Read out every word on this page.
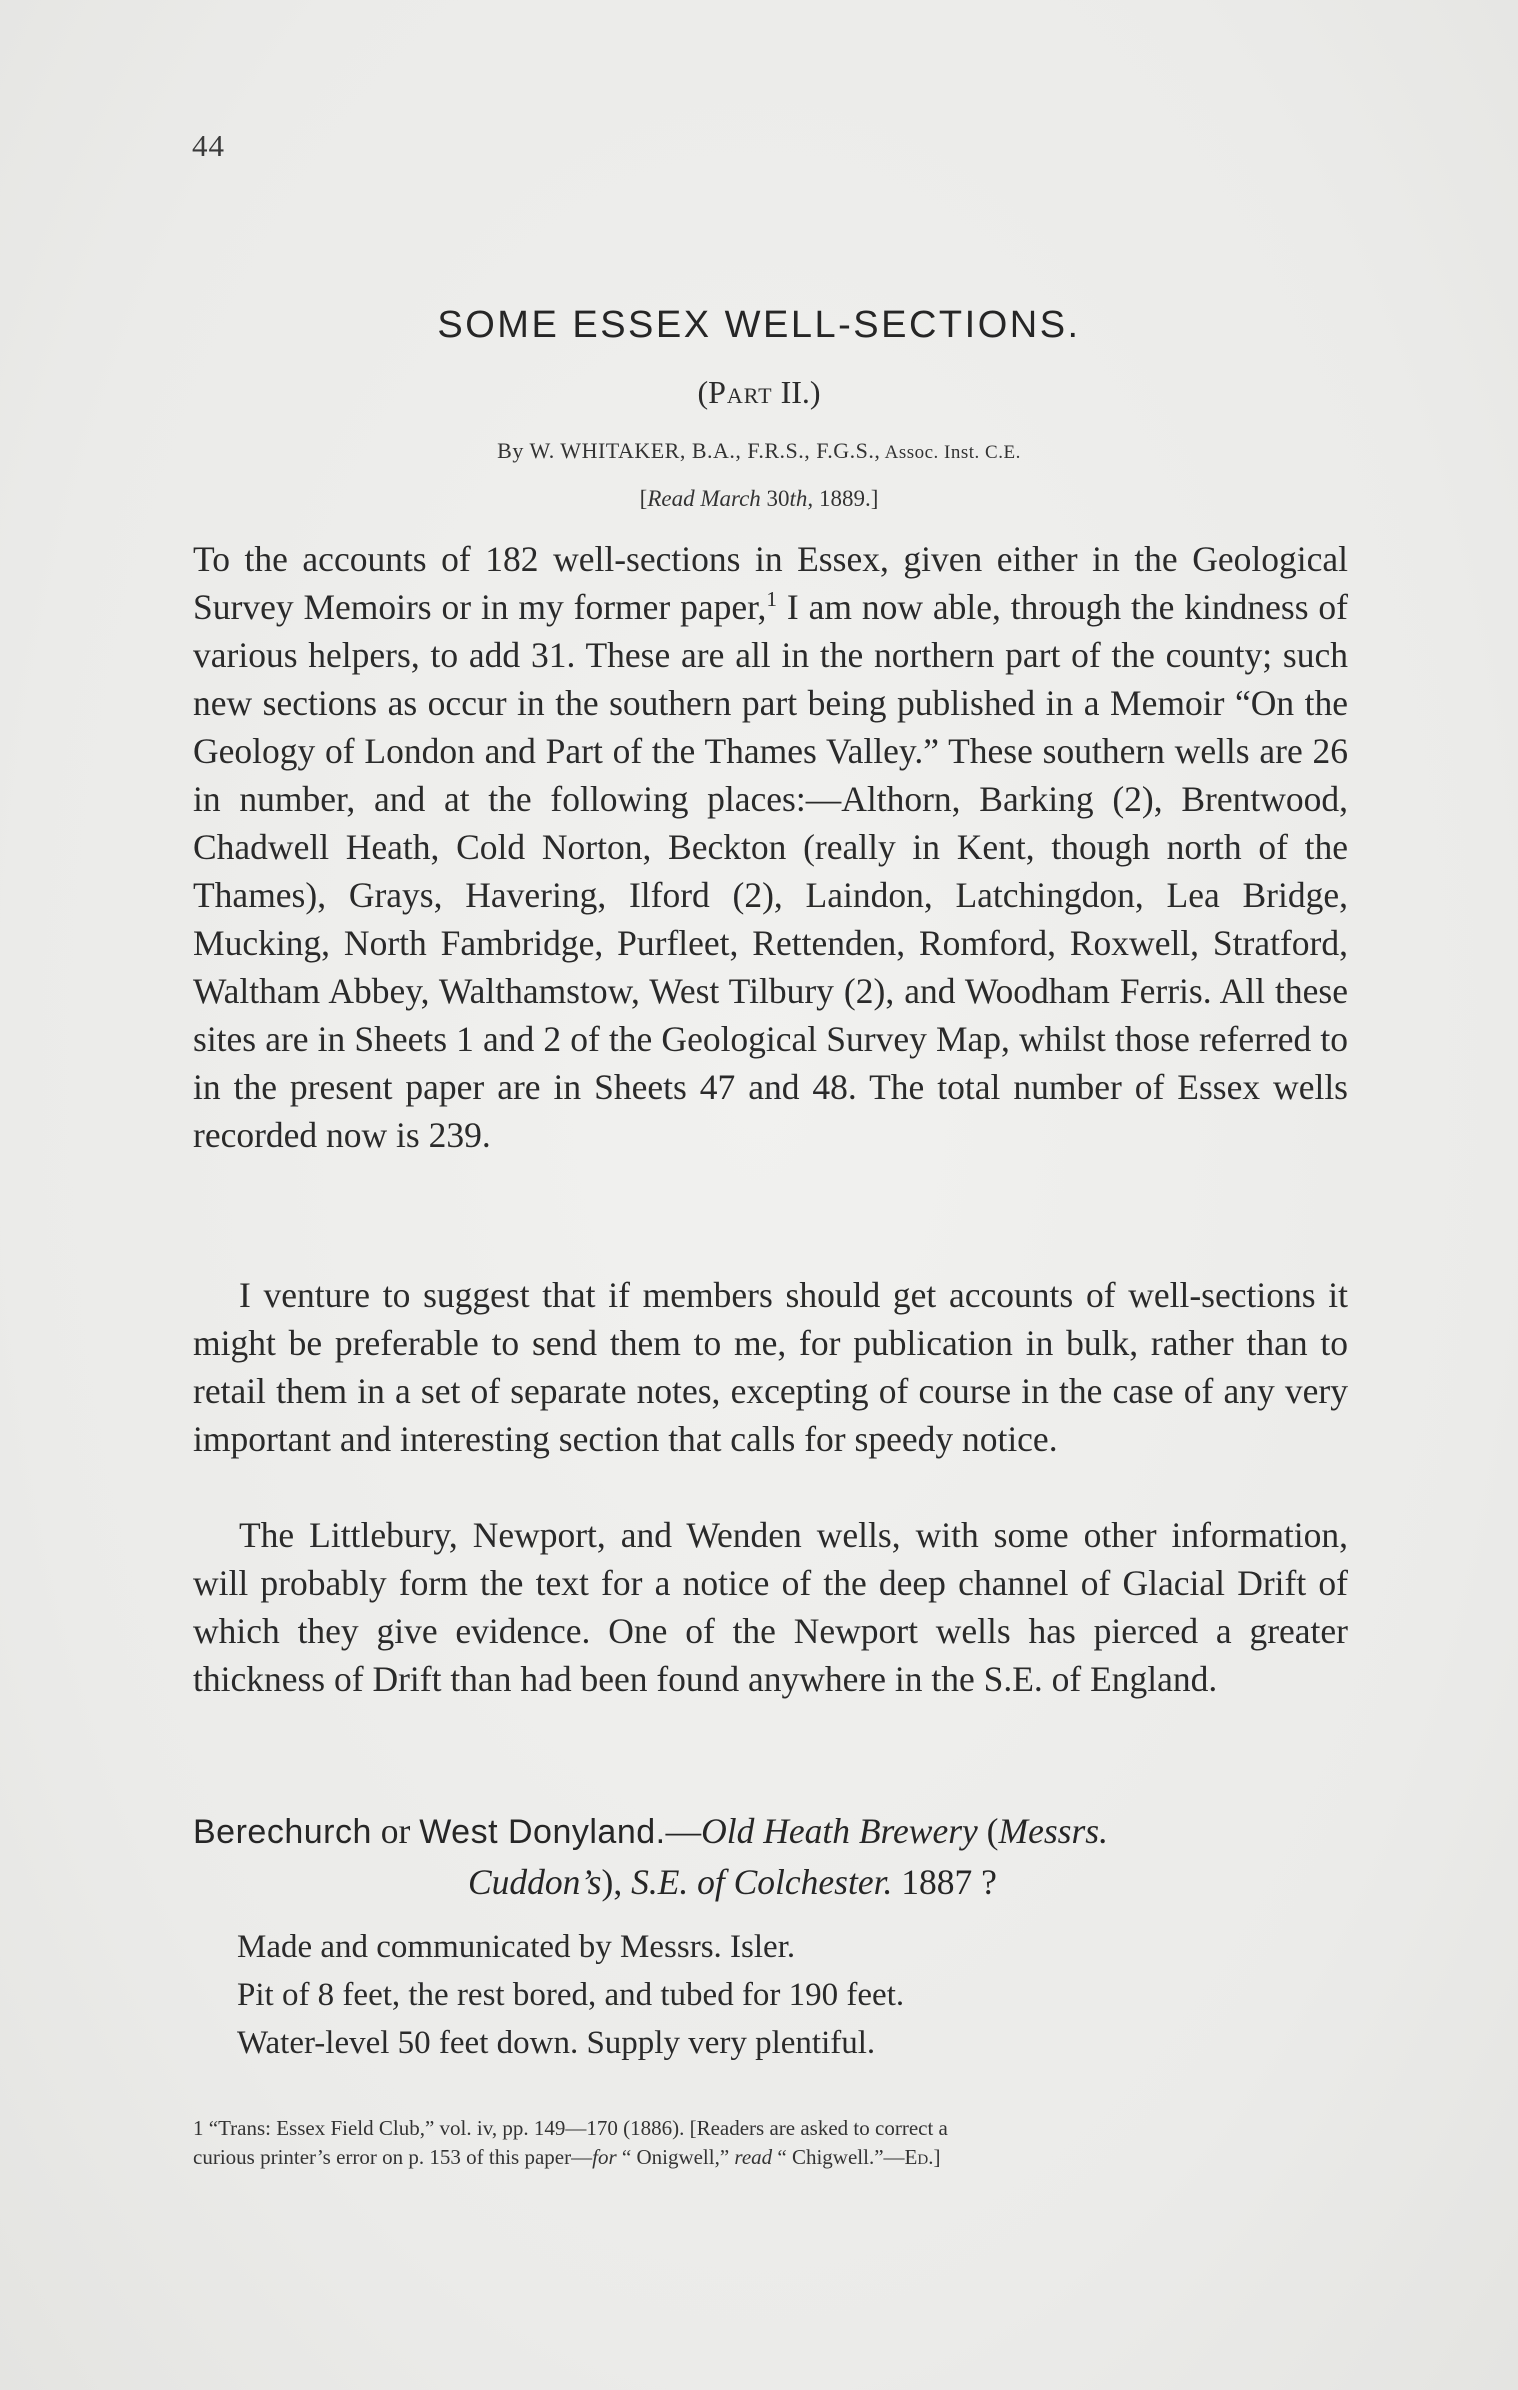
44
SOME ESSEX WELL-SECTIONS.
(Part II.)
By W. WHITAKER, B.A., F.R.S., F.G.S., Assoc. Inst. C.E.
[Read March 30th, 1889.]

To the accounts of 182 well-sections in Essex, given either in the Geological Survey Memoirs or in my former paper,$^1$ I am now able, through the kindness of various helpers, to add 31. These are all in the northern part of the county; such new sections as occur in the southern part being published in a Memoir “On the Geology of London and Part of the Thames Valley.” These southern wells are 26 in number, and at the following places:—Althorn, Barking (2), Brentwood, Chadwell Heath, Cold Norton, Beckton (really in Kent, though north of the Thames), Grays, Havering, Ilford (2), Laindon, Latchingdon, Lea Bridge, Mucking, North Fambridge, Purfleet, Rettenden, Romford, Roxwell, Stratford, Waltham Abbey, Walthamstow, West Tilbury (2), and Woodham Ferris. All these sites are in Sheets 1 and 2 of the Geological Survey Map, whilst those referred to in the present paper are in Sheets 47 and 48. The total number of Essex wells recorded now is 239.

I venture to suggest that if members should get accounts of well-sections it might be preferable to send them to me, for publication in bulk, rather than to retail them in a set of separate notes, excepting of course in the case of any very important and interesting section that calls for speedy notice.

The Littlebury, Newport, and Wenden wells, with some other information, will probably form the text for a notice of the deep channel of Glacial Drift of which they give evidence. One of the Newport wells has pierced a greater thickness of Drift than had been found anywhere in the S.E. of England.

Berechurch or West Donyland.—Old Heath Brewery (Messrs.
Cuddon’s), S.E. of Colchester. 1887 ?
Made and communicated by Messrs. Isler.
Pit of 8 feet, the rest bored, and tubed for 190 feet.
Water-level 50 feet down. Supply very plentiful.
1 “Trans: Essex Field Club,” vol. iv, pp. 149—170 (1886). [Readers are asked to correct a
curious printer’s error on p. 153 of this paper—for “ Onigwell,” read “ Chigwell.”—Ed.]
